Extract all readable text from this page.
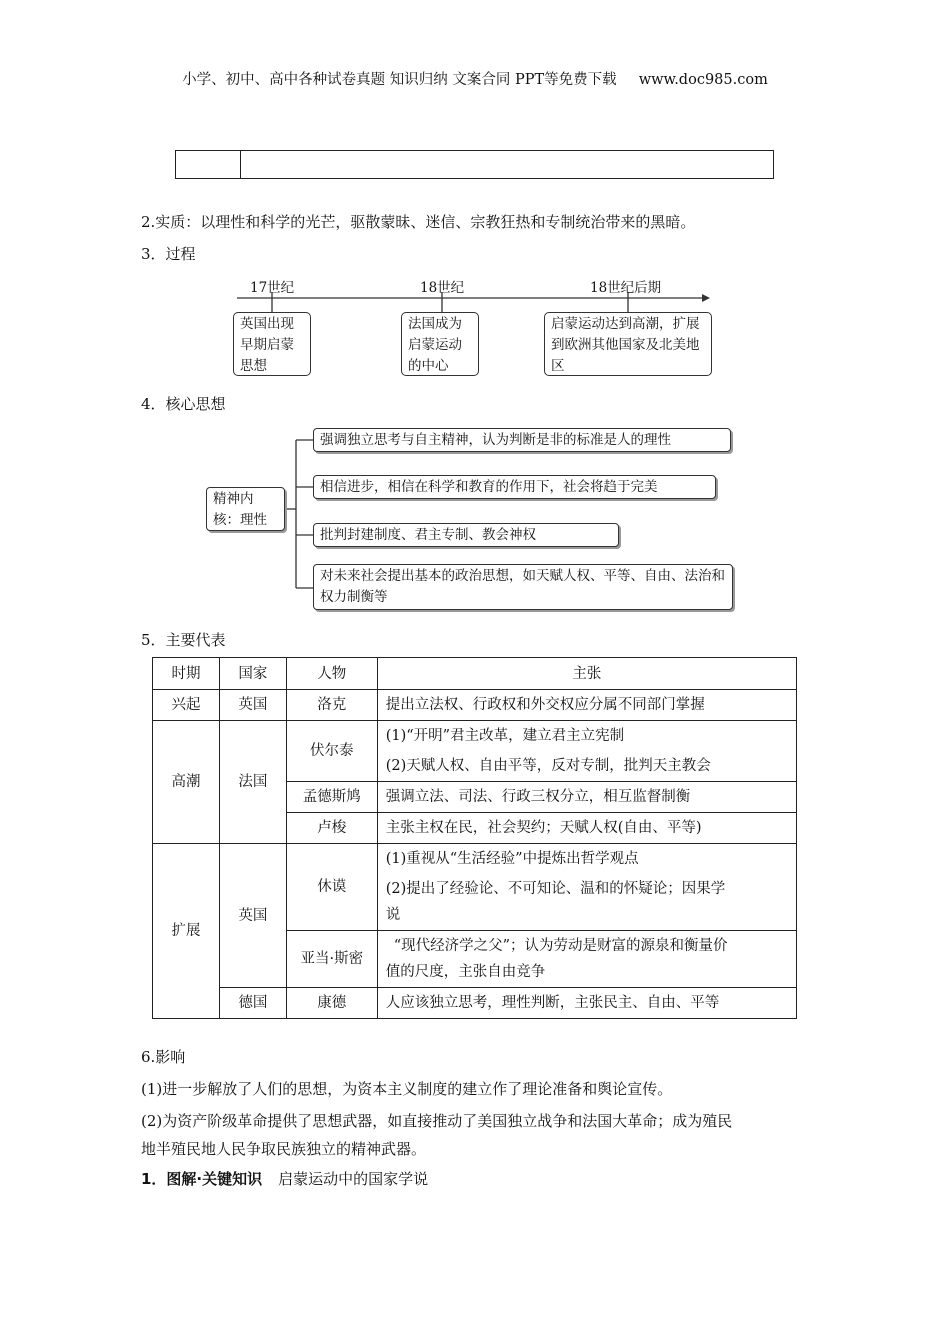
小学、初中、高中各种试卷真题 知识归纳 文案合同 PPT等免费下载 www.doc985.com
2.实质：以理性和科学的光芒，驱散蒙昧、迷信、宗教狂热和专制统治带来的黑暗。
3．过程
17世纪	18世纪	18世纪后期
英国出现早期启蒙思想
法国成为启蒙运动的中心
启蒙运动达到高潮，扩展到欧洲其他国家及北美地区
4．核心思想
精神内核：理性
强调独立思考与自主精神，认为判断是非的标准是人的理性
相信进步，相信在科学和教育的作用下，社会将趋于完美
批判封建制度、君主专制、教会神权
对未来社会提出基本的政治思想，如天赋人权、平等、自由、法治和权力制衡等
5．主要代表
时期	国家	人物	主张
兴起	英国	洛克	提出立法权、行政权和外交权应分属不同部门掌握
高潮	法国	伏尔泰	(1)“开明”君主改革，建立君主立宪制
(2)天赋人权、自由平等，反对专制，批判天主教会

		孟德斯鸠	强调立法、司法、行政三权分立，相互监督制衡
		卢梭	主张主权在民，社会契约；天赋人权(自由、平等)
扩展	英国	休谟	(1)重视从“生活经验”中提炼出哲学观点
(2)提出了经验论、不可知论、温和的怀疑论；因果学
说

		亚当·斯密	“现代经济学之父”；认为劳动是财富的源泉和衡量价
值的尺度，主张自由竞争

	德国	康德	人应该独立思考，理性判断，主张民主、自由、平等
6.影响
(1)进一步解放了人们的思想，为资本主义制度的建立作了理论准备和舆论宣传。
(2)为资产阶级革命提供了思想武器，如直接推动了美国独立战争和法国大革命；成为殖民
地半殖民地人民争取民族独立的精神武器。
1．图解·关键知识 启蒙运动中的国家学说
